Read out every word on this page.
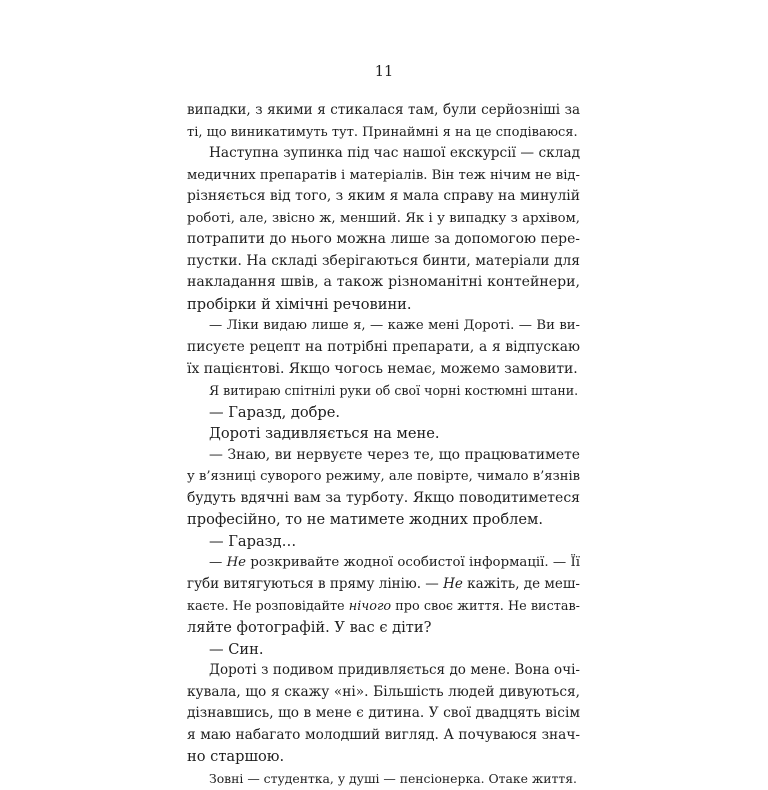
11
випадки, з якими я стикалася там, були серйозніші за
ті, що виникатимуть тут. Принаймні я на це сподіваюся.
Наступна зупинка під час нашої екскурсії — склад
медичних препаратів і матеріалів. Він теж нічим не від-
різняється від того, з яким я мала справу на минулій
роботі, але, звісно ж, менший. Як і у випадку з архівом,
потрапити до нього можна лише за допомогою пере-
пустки. На складі зберігаються бинти, матеріали для
накладання швів, а також різноманітні контейнери,
пробірки й хімічні речовини.
— Ліки видаю лише я, — каже мені Дороті. — Ви ви-
писуєте рецепт на потрібні препарати, а я відпускаю
їх пацієнтові. Якщо чогось немає, можемо замовити.
Я витираю спітнілі руки об свої чорні костюмні штани.
— Гаразд, добре.
Дороті задивляється на мене.
— Знаю, ви нервуєте через те, що працюватимете
у в’язниці суворого режиму, але повірте, чимало в’язнів
будуть вдячні вам за турботу. Якщо поводитиметеся
професійно, то не матимете жодних проблем.
— Гаразд…
— Не розкривайте жодної особистої інформації. — Її
губи витягуються в пряму лінію. — Не кажіть, де меш-
каєте. Не розповідайте нічого про своє життя. Не вистав-
ляйте фотографій. У вас є діти?
— Син.
Дороті з подивом придивляється до мене. Вона очі-
кувала, що я скажу «ні». Більшість людей дивуються,
дізнавшись, що в мене є дитина. У свої двадцять вісім
я маю набагато молодший вигляд. А почуваюся знач-
но старшою.
Зовні — студентка, у душі — пенсіонерка. Отаке життя.
